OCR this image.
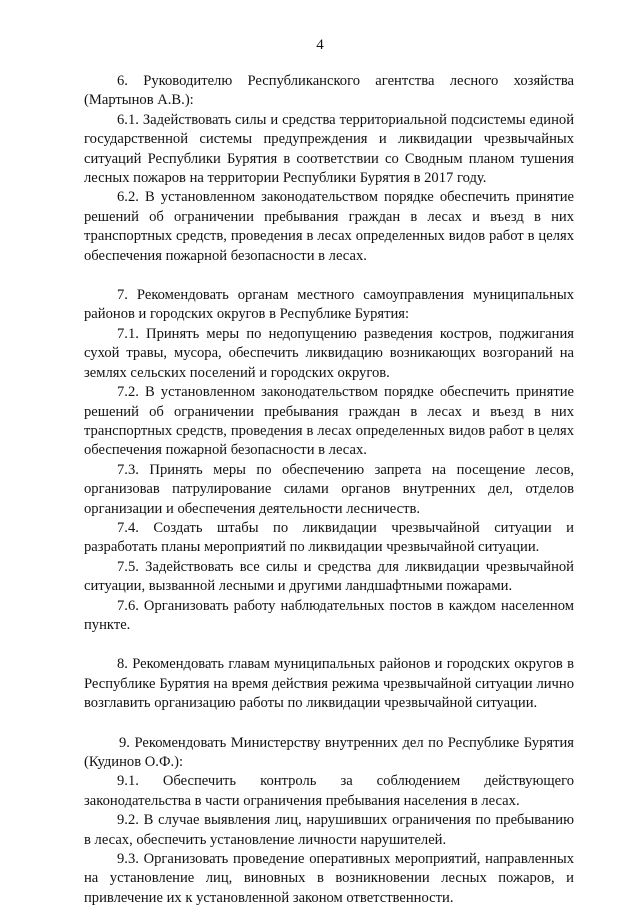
4

6. Руководителю Республиканского агентства лесного хозяйства (Мартынов А.В.):

6.1. Задействовать силы и средства территориальной подсистемы единой государственной системы предупреждения и ликвидации чрезвычайных ситуаций Республики Бурятия в соответствии со Сводным планом тушения лесных пожаров на территории Республики Бурятия в 2017 году.

6.2. В установленном законодательством порядке обеспечить принятие решений об ограничении пребывания граждан в лесах и въезд в них транспортных средств, проведения в лесах определенных видов работ в целях обеспечения пожарной безопасности в лесах.

7. Рекомендовать органам местного самоуправления муниципальных районов и городских округов в Республике Бурятия:

7.1. Принять меры по недопущению разведения костров, поджигания сухой травы, мусора, обеспечить ликвидацию возникающих возгораний на землях сельских поселений и городских округов.

7.2. В установленном законодательством порядке обеспечить принятие решений об ограничении пребывания граждан в лесах и въезд в них транспортных средств, проведения в лесах определенных видов работ в целях обеспечения пожарной безопасности в лесах.

7.3. Принять меры по обеспечению запрета на посещение лесов, организовав патрулирование силами органов внутренних дел, отделов организации и обеспечения деятельности лесничеств.

7.4. Создать штабы по ликвидации чрезвычайной ситуации и разработать планы мероприятий по ликвидации чрезвычайной ситуации.

7.5. Задействовать все силы и средства для ликвидации чрезвычайной ситуации, вызванной лесными и другими ландшафтными пожарами.

7.6. Организовать работу наблюдательных постов в каждом населенном пункте.

8. Рекомендовать главам муниципальных районов и городских округов в Республике Бурятия на время действия режима чрезвычайной ситуации лично возглавить организацию работы по ликвидации чрезвычайной ситуации.

9. Рекомендовать Министерству внутренних дел по Республике Бурятия (Кудинов О.Ф.):

9.1. Обеспечить контроль за соблюдением действующего законодательства в части ограничения пребывания населения в лесах.

9.2. В случае выявления лиц, нарушивших ограничения по пребыванию в лесах, обеспечить установление личности нарушителей.

9.3. Организовать проведение оперативных мероприятий, направленных на установление лиц, виновных в возникновении лесных пожаров, и привлечение их к установленной законом ответственности.
